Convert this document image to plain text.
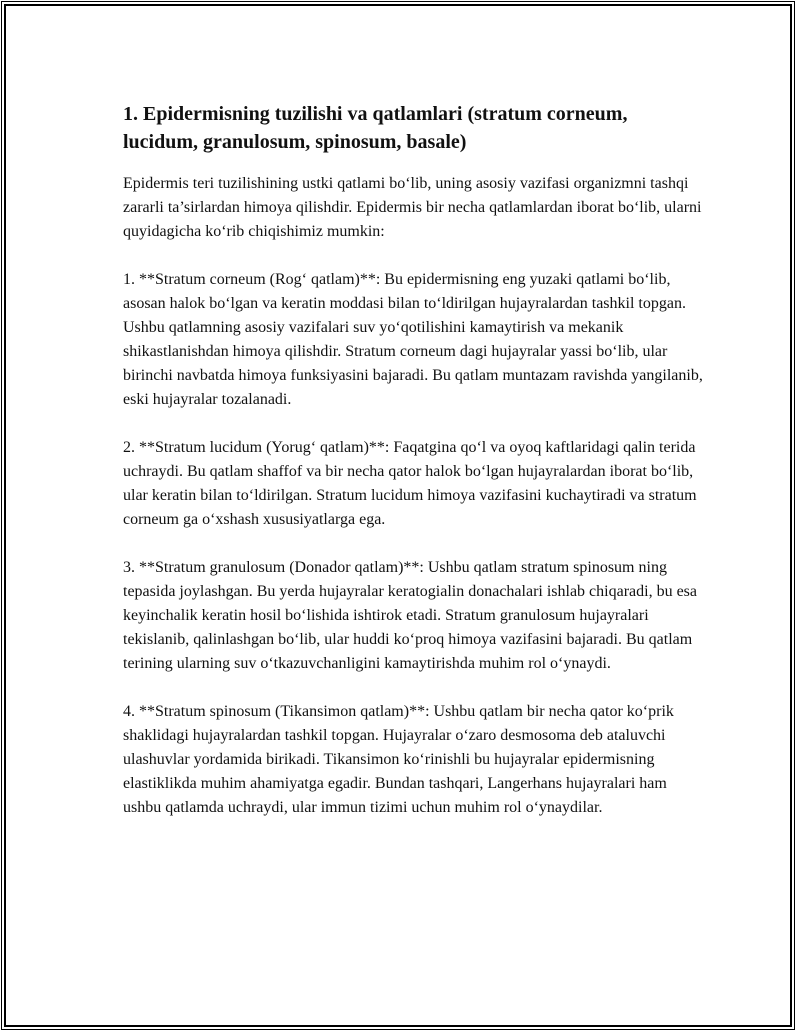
1. Epidermisning tuzilishi va qatlamlari (stratum corneum, lucidum, granulosum, spinosum, basale)

Epidermis teri tuzilishining ustki qatlami bo‘lib, uning asosiy vazifasi organizmni tashqi zararli ta’sirlardan himoya qilishdir. Epidermis bir necha qatlamlardan iborat bo‘lib, ularni quyidagicha ko‘rib chiqishimiz mumkin:

1. **Stratum corneum (Rog‘ qatlam)**: Bu epidermisning eng yuzaki qatlami bo‘lib, asosan halok bo‘lgan va keratin moddasi bilan to‘ldirilgan hujayralardan tashkil topgan. Ushbu qatlamning asosiy vazifalari suv yo‘qotilishini kamaytirish va mekanik shikastlanishdan himoya qilishdir. Stratum corneum dagi hujayralar yassi bo‘lib, ular birinchi navbatda himoya funksiyasini bajaradi. Bu qatlam muntazam ravishda yangilanib, eski hujayralar tozalanadi.

2. **Stratum lucidum (Yorug‘ qatlam)**: Faqatgina qo‘l va oyoq kaftlaridagi qalin terida uchraydi. Bu qatlam shaffof va bir necha qator halok bo‘lgan hujayralardan iborat bo‘lib, ular keratin bilan to‘ldirilgan. Stratum lucidum himoya vazifasini kuchaytiradi va stratum corneum ga o‘xshash xususiyatlarga ega.

3. **Stratum granulosum (Donador qatlam)**: Ushbu qatlam stratum spinosum ning tepasida joylashgan. Bu yerda hujayralar keratogialin donachalari ishlab chiqaradi, bu esa keyinchalik keratin hosil bo‘lishida ishtirok etadi. Stratum granulosum hujayralari tekislanib, qalinlashgan bo‘lib, ular huddi ko‘proq himoya vazifasini bajaradi. Bu qatlam terining ularning suv o‘tkazuvchanligini kamaytirishda muhim rol o‘ynaydi.

4. **Stratum spinosum (Tikansimon qatlam)**: Ushbu qatlam bir necha qator ko‘prik shaklidagi hujayralardan tashkil topgan. Hujayralar o‘zaro desmosoma deb ataluvchi ulashuvlar yordamida birikadi. Tikansimon ko‘rinishli bu hujayralar epidermisning elastiklikda muhim ahamiyatga egadir. Bundan tashqari, Langerhans hujayralari ham ushbu qatlamda uchraydi, ular immun tizimi uchun muhim rol o‘ynaydilar.
